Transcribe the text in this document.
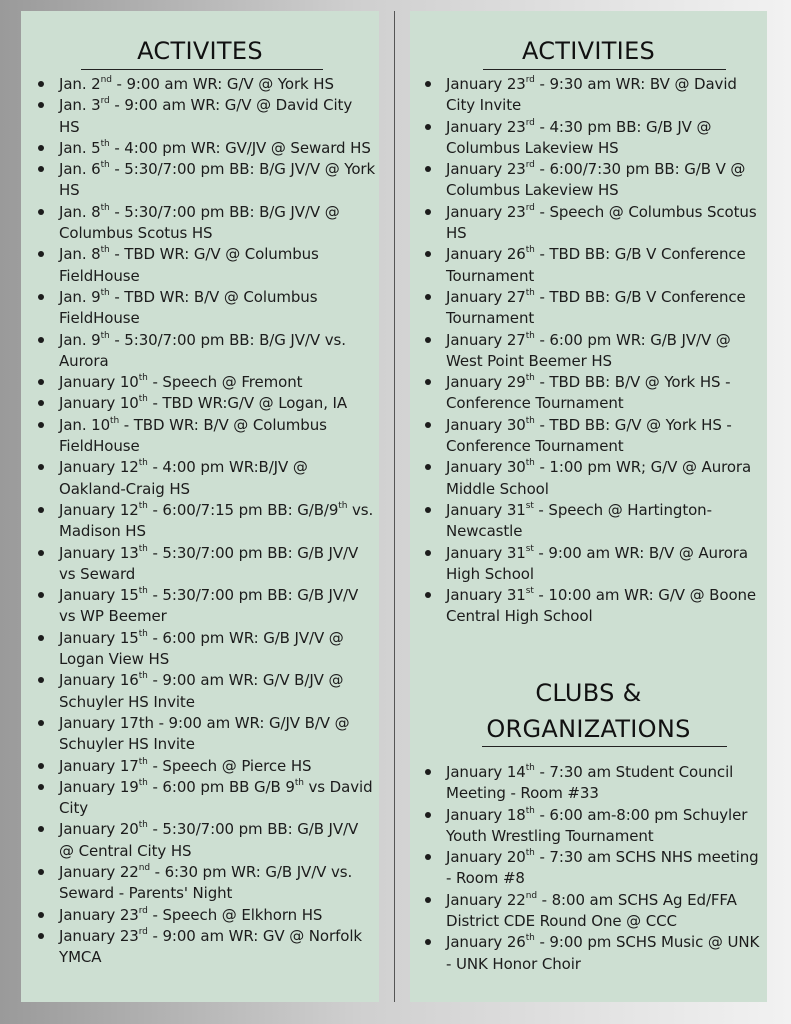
ACTIVITES
Jan. 2nd - 9:00 am WR: G/V @ York HS
Jan. 3rd - 9:00 am WR: G/V @ David City HS
Jan. 5th - 4:00 pm WR: GV/JV @ Seward HS
Jan. 6th - 5:30/7:00 pm BB: B/G JV/V @ York HS
Jan. 8th - 5:30/7:00 pm BB: B/G JV/V @ Columbus Scotus HS
Jan. 8th - TBD WR: G/V @ Columbus FieldHouse
Jan. 9th - TBD WR: B/V @ Columbus FieldHouse
Jan. 9th - 5:30/7:00 pm BB: B/G JV/V vs. Aurora
January 10th - Speech @ Fremont
January 10th - TBD WR:G/V @ Logan, IA
Jan. 10th - TBD WR: B/V @ Columbus FieldHouse
January 12th - 4:00 pm WR:B/JV @ Oakland-Craig HS
January 12th - 6:00/7:15 pm BB: G/B/9th vs. Madison HS
January 13th - 5:30/7:00 pm BB: G/B JV/V vs Seward
January 15th - 5:30/7:00 pm BB: G/B JV/V vs WP Beemer
January 15th - 6:00 pm WR: G/B JV/V @ Logan View HS
January 16th - 9:00 am WR: G/V B/JV @ Schuyler HS Invite
January 17th - 9:00 am WR: G/JV B/V @ Schuyler HS Invite
January 17th - Speech @ Pierce HS
January 19th - 6:00 pm BB G/B 9th vs David City
January 20th - 5:30/7:00 pm BB: G/B JV/V @ Central City HS
January 22nd - 6:30 pm WR: G/B JV/V vs. Seward - Parents' Night
January 23rd - Speech @ Elkhorn HS
January 23rd - 9:00 am WR: GV @ Norfolk YMCA
ACTIVITIES
January 23rd - 9:30 am WR: BV @ David City Invite
January 23rd - 4:30 pm BB: G/B JV @ Columbus Lakeview HS
January 23rd - 6:00/7:30 pm BB: G/B V @ Columbus Lakeview HS
January 23rd - Speech @ Columbus Scotus HS
January 26th - TBD BB: G/B V Conference Tournament
January 27th - TBD BB: G/B V Conference Tournament
January 27th - 6:00 pm WR: G/B JV/V @ West Point Beemer HS
January 29th - TBD BB: B/V @ York HS - Conference Tournament
January 30th - TBD BB: G/V @ York HS - Conference Tournament
January 30th - 1:00 pm WR; G/V @ Aurora Middle School
January 31st - Speech @ Hartington-Newcastle
January 31st - 9:00 am WR: B/V @ Aurora High School
January 31st - 10:00 am WR: G/V @ Boone Central High School
CLUBS &
ORGANIZATIONS
January 14th - 7:30 am Student Council Meeting - Room #33
January 18th - 6:00 am-8:00 pm Schuyler Youth Wrestling Tournament
January 20th - 7:30 am SCHS NHS meeting - Room #8
January 22nd - 8:00 am SCHS Ag Ed/FFA District CDE Round One @ CCC
January 26th - 9:00 pm SCHS Music @ UNK - UNK Honor Choir
